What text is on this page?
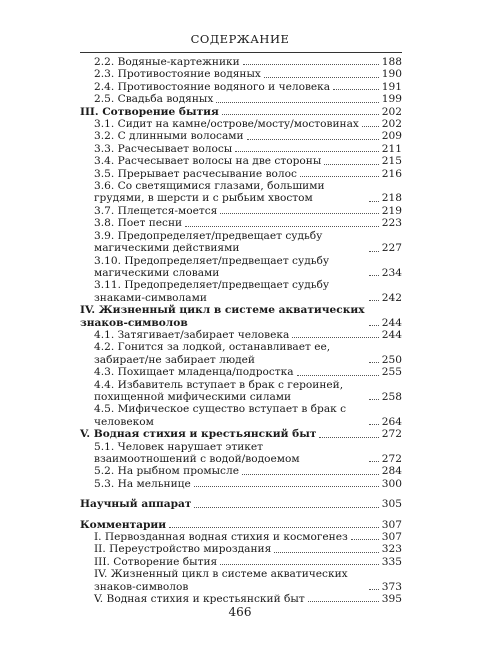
СОДЕРЖАНИЕ
2.2. Водяные-картежники	188
2.3. Противостояние водяных	190
2.4. Противостояние водяного и человека	191
2.5. Свадьба водяных	199
III. Сотворение бытия	202
3.1. Сидит на камне/острове/мосту/мостовинах 202
3.2. С длинными волосами	209
3.3. Расчесывает волосы	211
3.4. Расчесывает волосы на две стороны	215
3.5. Прерывает расчесывание волос	216
3.6. Со светящимися глазами, большими грудями, в шерсти и с рыбьим хвостом	218
3.7. Плещется-моется	219
3.8. Поет песни	223
3.9. Предопределяет/предвещает судьбу магическими действиями	227
3.10. Предопределяет/предвещает судьбу магическими словами	234
3.11. Предопределяет/предвещает судьбу знаками-символами	242
IV. Жизненный цикл в системе акватических знаков-символов	244
4.1. Затягивает/забирает человека	244
4.2. Гонится за лодкой, останавливает ее, забирает/не забирает людей	250
4.3. Похищает младенца/подростка	255
4.4. Избавитель вступает в брак с героиней, похищенной мифическими силами	258
4.5. Мифическое существо вступает в брак с человеком	264
V. Водная стихия и крестьянский быт	272
5.1. Человек нарушает этикет взаимоотношений с водой/водоемом	272
5.2. На рыбном промысле	284
5.3. На мельнице	300
Научный аппарат	305
Комментарии	307
I. Первозданная водная стихия и космогенез	307
II. Переустройство мироздания	323
III. Сотворение бытия	335
IV. Жизненный цикл в системе акватических знаков-символов	373
V. Водная стихия и крестьянский быт	395
466
